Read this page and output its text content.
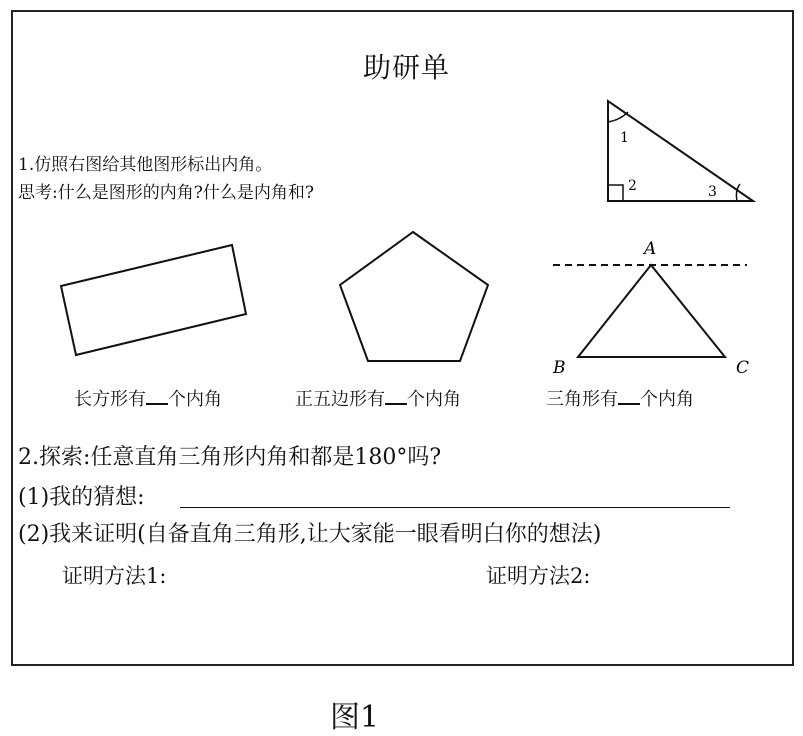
助研单
1.仿照右图给其他图形标出内角。
思考:什么是图形的内角?什么是内角和?
1
2	3
A
B	C
长方形有 个内角	正五边形有 个内角	三角形有 个内角
2.探索:任意直角三角形内角和都是180°吗?
(1)我的猜想:
(2)我来证明(自备直角三角形,让大家能一眼看明白你的想法)
证明方法1:	证明方法2:
图1
